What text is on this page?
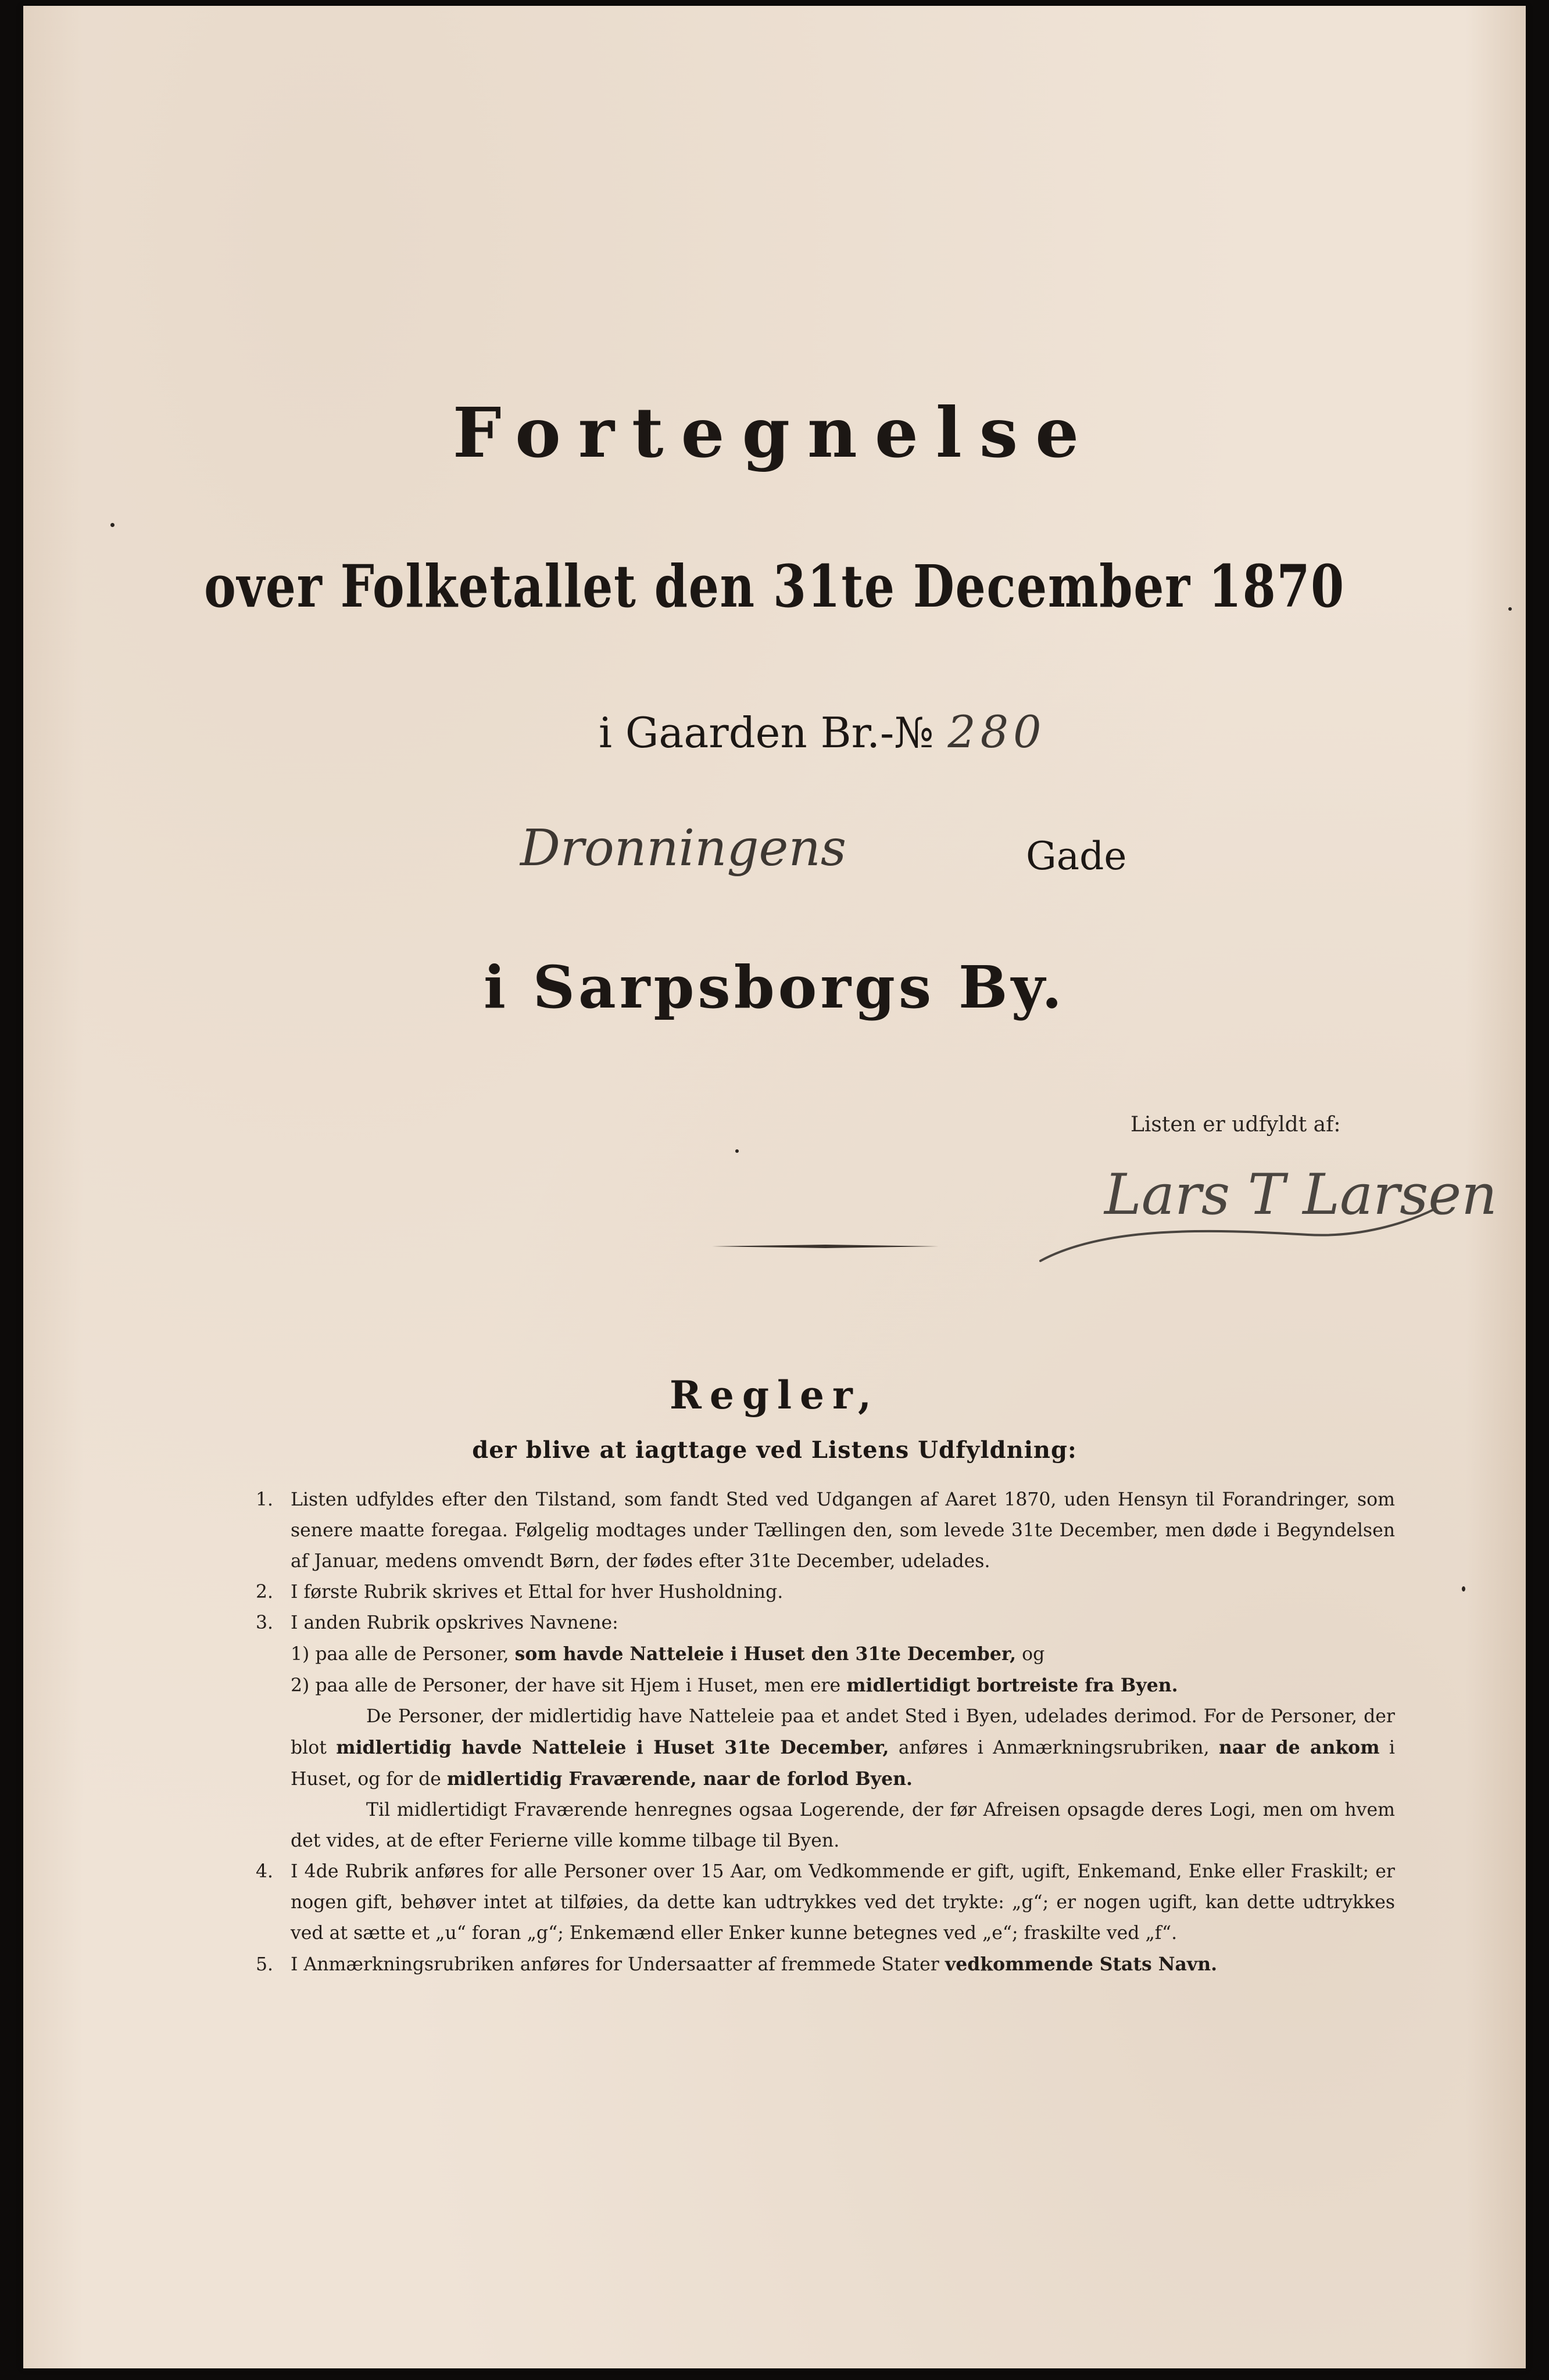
Fortegnelse
over Folketallet den 31te December 1870
i Gaarden Br.-№ 280
Dronningens	Gade
i Sarpsborgs By.
Listen er udfyldt af:
Lars T Larsen
Regler,
der blive at iagttage ved Listens Udfyldning:

1. Listen udfyldes efter den Tilstand, som fandt Sted ved Udgangen af Aaret 1870, uden Hensyn til Forandringer, som senere maatte foregaa. Følgelig modtages under Tællingen den, som levede 31te December, men døde i Begyndelsen af Januar, medens omvendt Børn, der fødes efter 31te December, udelades.

2. I første Rubrik skrives et Ettal for hver Husholdning.

3. I anden Rubrik opskrives Navnene:

1) paa alle de Personer, som havde Natteleie i Huset den 31te December, og

2) paa alle de Personer, der have sit Hjem i Huset, men ere midlertidigt bortreiste fra Byen.

De Personer, der midlertidig have Natteleie paa et andet Sted i Byen, udelades derimod. For de Personer, der blot midlertidig havde Natteleie i Huset 31te December, anføres i Anmærkningsrubriken, naar de ankom i Huset, og for de midlertidig Fraværende, naar de forlod Byen.

Til midlertidigt Fraværende henregnes ogsaa Logerende, der før Afreisen opsagde deres Logi, men om hvem det vides, at de efter Ferierne ville komme tilbage til Byen.

4. I 4de Rubrik anføres for alle Personer over 15 Aar, om Vedkommende er gift, ugift, Enkemand, Enke eller Fraskilt; er nogen gift, behøver intet at tilføies, da dette kan udtrykkes ved det trykte: „g“; er nogen ugift, kan dette udtrykkes ved at sætte et „u“ foran „g“; Enkemænd eller Enker kunne betegnes ved „e“; fraskilte ved „f“.

5. I Anmærkningsrubriken anføres for Undersaatter af fremmede Stater vedkommende Stats Navn.
